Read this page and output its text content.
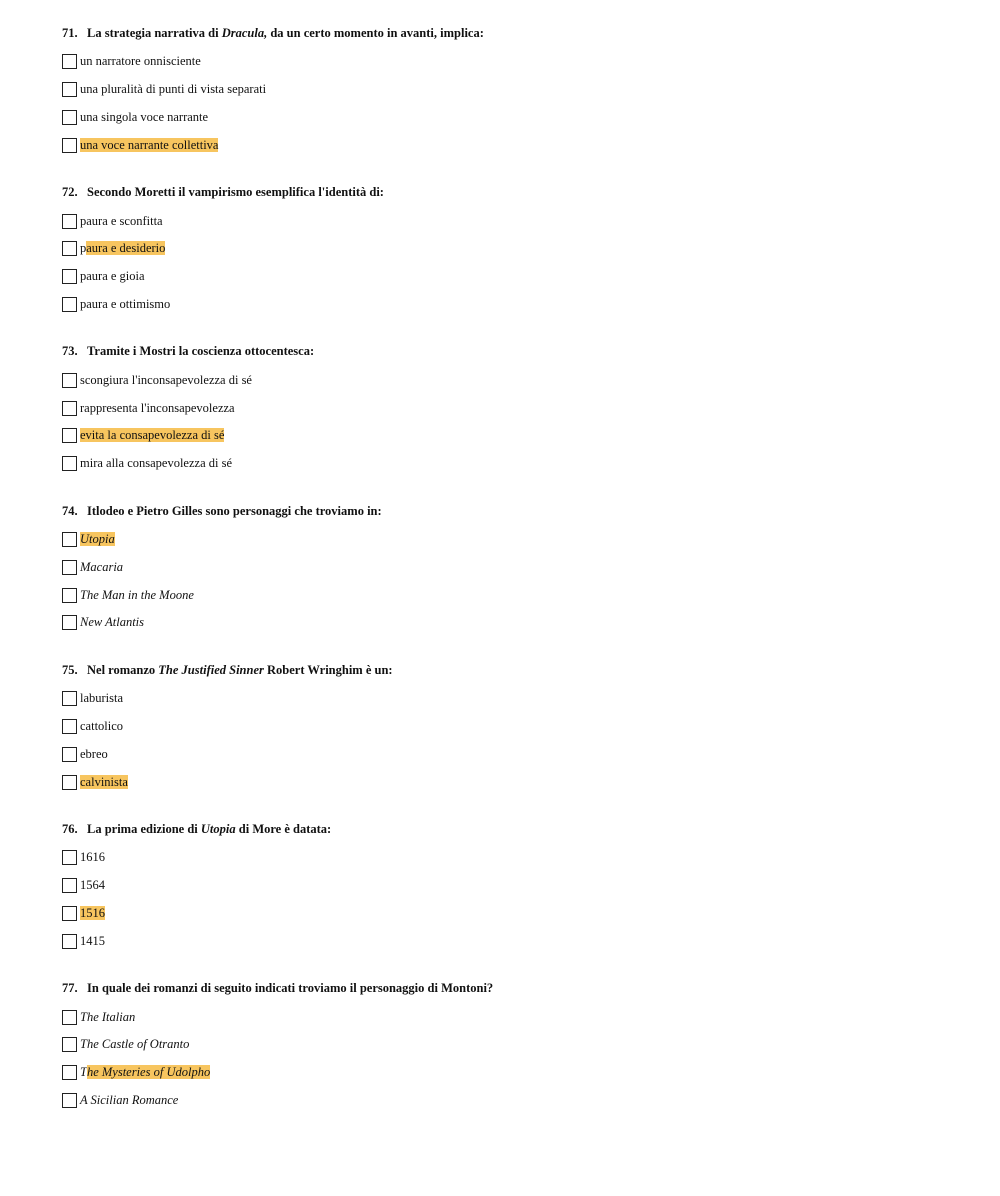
71. La strategia narrativa di Dracula, da un certo momento in avanti, implica:
un narratore onnisciente
una pluralità di punti di vista separati
una singola voce narrante
una voce narrante collettiva
72. Secondo Moretti il vampirismo esemplifica l'identità di:
paura e sconfitta
paura e desiderio
paura e gioia
paura e ottimismo
73. Tramite i Mostri la coscienza ottocentesca:
scongiura l'inconsapevolezza di sé
rappresenta l'inconsapevolezza
evita la consapevolezza di sé
mira alla consapevolezza di sé
74. Itlodeo e Pietro Gilles sono personaggi che troviamo in:
Utopia
Macaria
The Man in the Moone
New Atlantis
75. Nel romanzo The Justified Sinner Robert Wringhim è un:
laburista
cattolico
ebreo
calvinista
76. La prima edizione di Utopia di More è datata:
1616
1564
1516
1415
77. In quale dei romanzi di seguito indicati troviamo il personaggio di Montoni?
The Italian
The Castle of Otranto
The Mysteries of Udolpho
A Sicilian Romance
